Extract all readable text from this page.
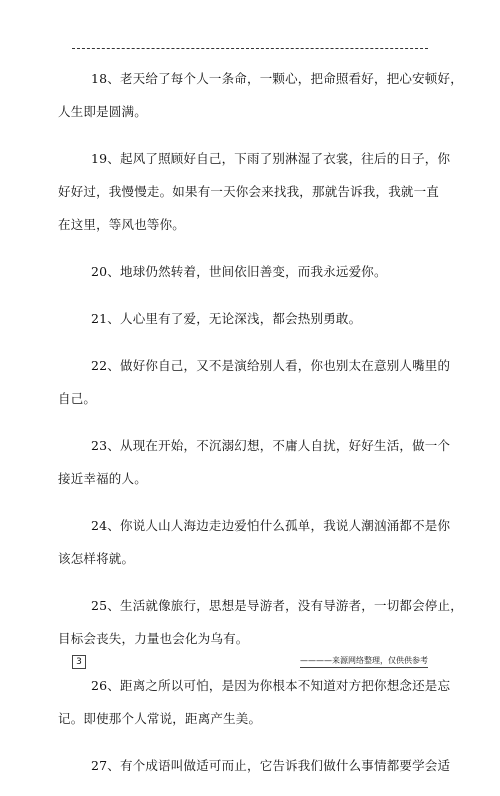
18、老天给了每个人一条命，一颗心，把命照看好，把心安顿好，
人生即是圆满。
19、起风了照顾好自己，下雨了别淋湿了衣裳，往后的日子，你
好好过，我慢慢走。如果有一天你会来找我，那就告诉我，我就一直
在这里，等风也等你。
20、地球仍然转着，世间依旧善变，而我永远爱你。
21、人心里有了爱，无论深浅，都会热别勇敢。
22、做好你自己，又不是演给别人看，你也别太在意别人嘴里的
自己。
23、从现在开始，不沉溺幻想，不庸人自扰，好好生活，做一个
接近幸福的人。
24、你说人山人海边走边爱怕什么孤单，我说人潮汹涌都不是你
该怎样将就。
25、生活就像旅行，思想是导游者，没有导游者，一切都会停止，
目标会丧失，力量也会化为乌有。
26、距离之所以可怕，是因为你根本不知道对方把你想念还是忘
记。即使那个人常说，距离产生美。
27、有个成语叫做适可而止，它告诉我们做什么事情都要学会适
3	————来源网络整理，仅供供参考
